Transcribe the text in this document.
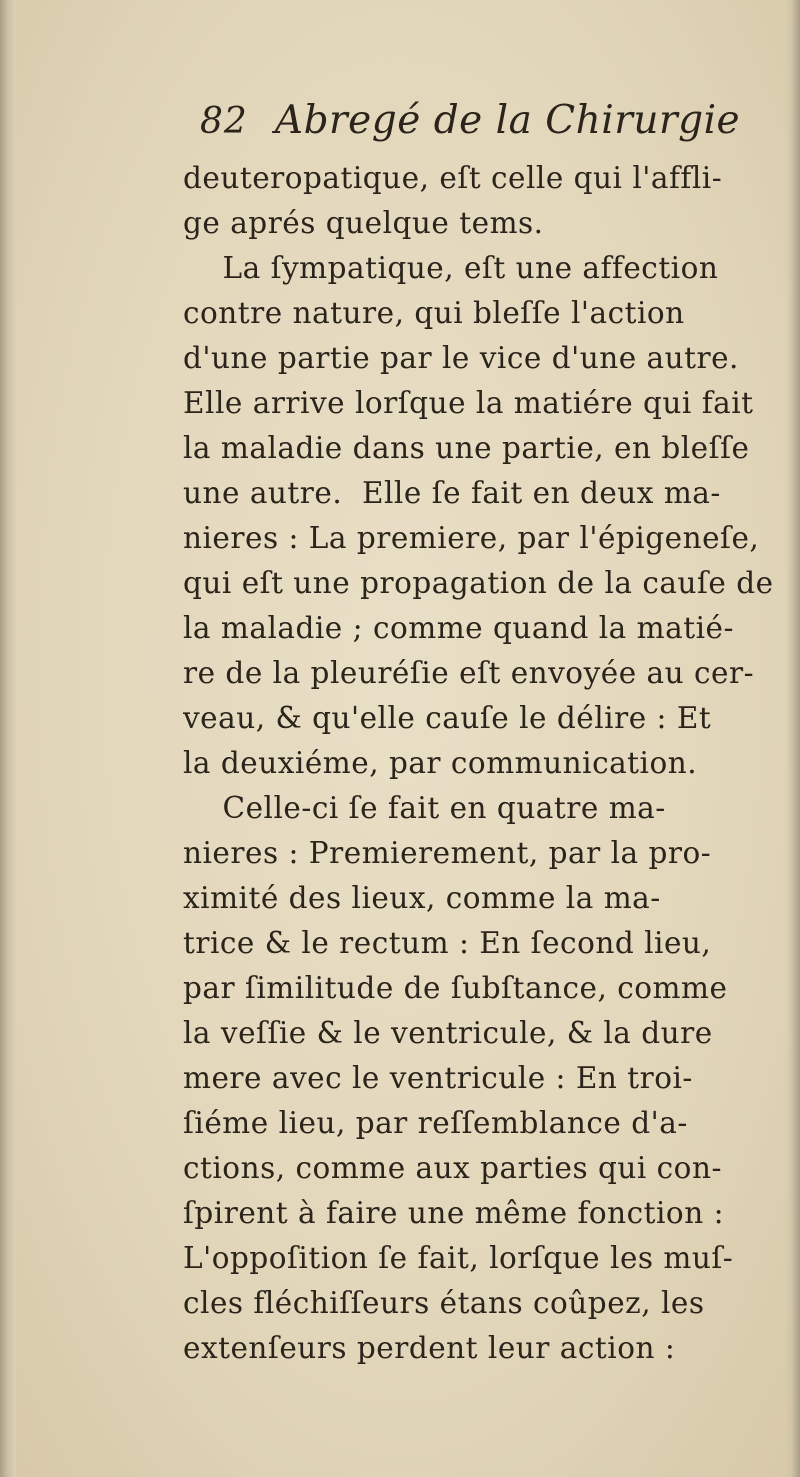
82 Abregé de la Chirurgie
deuteropatique, eſt celle qui l'affli-
ge aprés quelque tems.
La ſympatique, eſt une affection
contre nature, qui bleſſe l'action
d'une partie par le vice d'une autre.
Elle arrive lorſque la matiére qui fait
la maladie dans une partie, en bleſſe
une autre.  Elle ſe fait en deux ma-
nieres : La premiere, par l'épigeneſe,
qui eſt une propagation de la cauſe de
la maladie ; comme quand la matié-
re de la pleuréſie eſt envoyée au cer-
veau, & qu'elle cauſe le délire : Et
la deuxiéme, par communication.
Celle-ci ſe fait en quatre ma-
nieres : Premierement, par la pro-
ximité des lieux, comme la ma-
trice & le rectum : En ſecond lieu,
par ſimilitude de ſubſtance, comme
la veſſie & le ventricule, & la dure
mere avec le ventricule : En troi-
ſiéme lieu, par reſſemblance d'a-
ctions, comme aux parties qui con-
ſpirent à faire une même fonction :
L'oppoſition ſe fait, lorſque les muſ-
cles fléchiſſeurs étans coûpez, les
extenſeurs perdent leur action :
